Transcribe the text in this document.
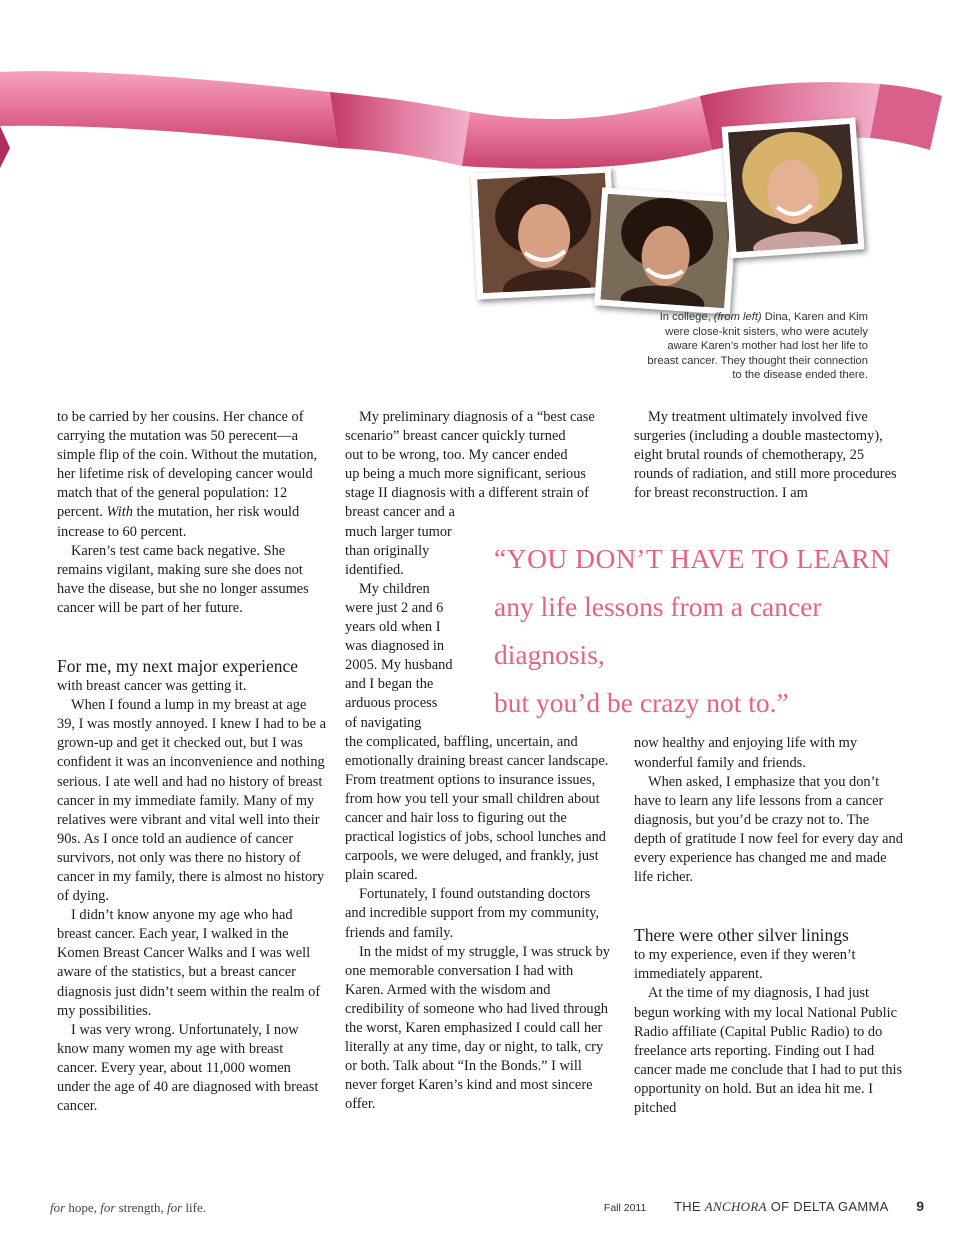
In college, (from left) Dina, Karen and Kim were close-knit sisters, who were acutely aware Karen’s mother had lost her life to breast cancer. They thought their connection to the disease ended there.

to be carried by her cousins. Her chance of carrying the mutation was 50 perecent—a simple flip of the coin. Without the mutation, her lifetime risk of developing cancer would match that of the general population: 12 percent. With the mutation, her risk would increase to 60 percent.

Karen’s test came back negative. She remains vigilant, making sure she does not have the disease, but she no longer assumes cancer will be part of her future.

For me, my next major experience

with breast cancer was getting it.

When I found a lump in my breast at age 39, I was mostly annoyed. I knew I had to be a grown-up and get it checked out, but I was confident it was an inconvenience and nothing serious. I ate well and had no history of breast cancer in my immediate family. Many of my relatives were vibrant and vital well into their 90s. As I once told an audience of cancer survivors, not only was there no history of cancer in my family, there is almost no history of dying.

I didn’t know anyone my age who had breast cancer. Each year, I walked in the Komen Breast Cancer Walks and I was well aware of the statistics, but a breast cancer diagnosis just didn’t seem within the realm of my possibilities.

I was very wrong. Unfortunately, I now know many women my age with breast cancer. Every year, about 11,000 women under the age of 40 are diagnosed with breast cancer.

My preliminary diagnosis of a “best case
scenario” breast cancer quickly turned
out to be wrong, too. My cancer ended
up being a much more significant, serious
stage II diagnosis with a different strain of
breast cancer and a
much larger tumor
than originally
identified.

My children
were just 2 and 6
years old when I
was diagnosed in
2005. My husband
and I began the
arduous process
of navigating
the complicated, baffling, uncertain, and emotionally draining breast cancer landscape. From treatment options to insurance issues, from how you tell your small children about cancer and hair loss to figuring out the practical logistics of jobs, school lunches and carpools, we were deluged, and frankly, just plain scared.

Fortunately, I found outstanding doctors and incredible support from my community, friends and family.

In the midst of my struggle, I was struck by one memorable conversation I had with Karen. Armed with the wisdom and credibility of someone who had lived through the worst, Karen emphasized I could call her literally at any time, day or night, to talk, cry or both. Talk about “In the Bonds.” I will never forget Karen’s kind and most sincere offer.

My treatment ultimately involved five surgeries (including a double mastectomy), eight brutal rounds of chemotherapy, 25 rounds of radiation, and still more procedures for breast reconstruction. I am

now healthy and enjoying life with my wonderful family and friends.

When asked, I emphasize that you don’t have to learn any life lessons from a cancer diagnosis, but you’d be crazy not to. The depth of gratitude I now feel for every day and every experience has changed me and made life richer.

There were other silver linings

to my experience, even if they weren’t immediately apparent.

At the time of my diagnosis, I had just begun working with my local National Public Radio affiliate (Capital Public Radio) to do freelance arts reporting. Finding out I had cancer made me conclude that I had to put this opportunity on hold. But an idea hit me. I pitched

“YOU DON’T HAVE TO LEARN
any life lessons from a cancer diagnosis,
but you’d be crazy not to.”
for hope, for strength, for life.	Fall 2011 THE ANCHORA OF DELTA GAMMA 9
